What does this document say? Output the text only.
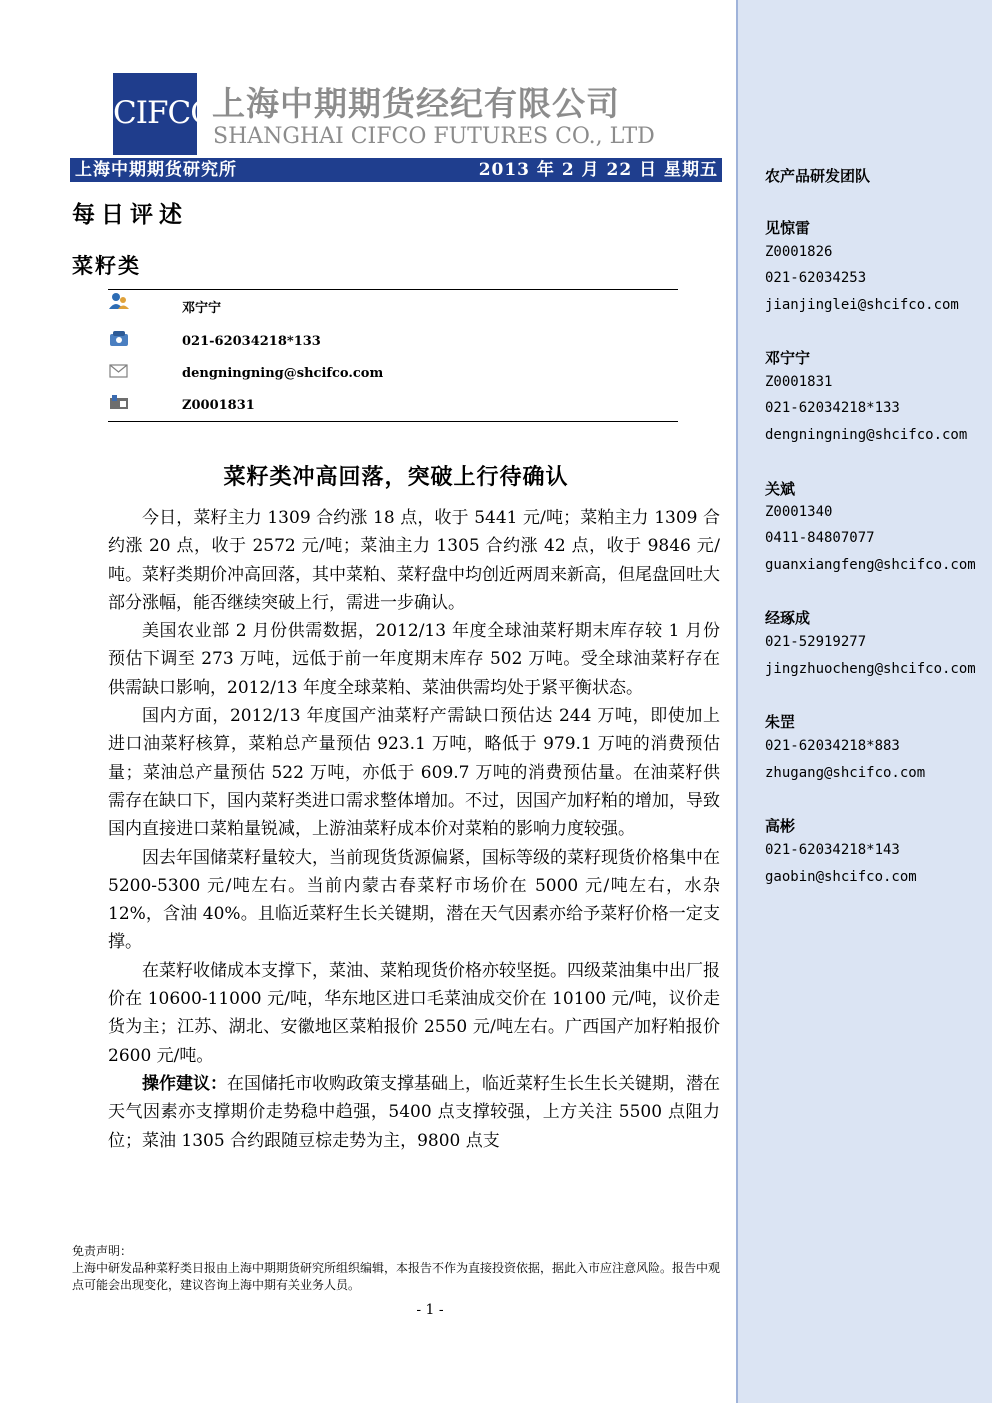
CIFCO
上海中期期货经纪有限公司
SHANGHAI CIFCO FUTURES CO., LTD
上海中期期货研究所	2013 年 2 月 22 日 星期五
每日评述
菜籽类
邓宁宁
021-62034218*133
dengningning@shcifco.com
Z0001831
菜籽类冲高回落，突破上行待确认

今日，菜籽主力 1309 合约涨 18 点，收于 5441 元/吨；菜粕主力 1309 合约涨 20 点，收于 2572 元/吨；菜油主力 1305 合约涨 42 点，收于 9846 元/吨。菜籽类期价冲高回落，其中菜粕、菜籽盘中均创近两周来新高，但尾盘回吐大部分涨幅，能否继续突破上行，需进一步确认。

美国农业部 2 月份供需数据，2012/13 年度全球油菜籽期末库存较 1 月份预估下调至 273 万吨，远低于前一年度期末库存 502 万吨。受全球油菜籽存在供需缺口影响，2012/13 年度全球菜粕、菜油供需均处于紧平衡状态。

国内方面，2012/13 年度国产油菜籽产需缺口预估达 244 万吨，即使加上进口油菜籽核算，菜粕总产量预估 923.1 万吨，略低于 979.1 万吨的消费预估量；菜油总产量预估 522 万吨，亦低于 609.7 万吨的消费预估量。在油菜籽供需存在缺口下，国内菜籽类进口需求整体增加。不过，因国产加籽粕的增加，导致国内直接进口菜粕量锐减，上游油菜籽成本价对菜粕的影响力度较强。

因去年国储菜籽量较大，当前现货货源偏紧，国标等级的菜籽现货价格集中在 5200-5300 元/吨左右。当前内蒙古春菜籽市场价在 5000 元/吨左右，水杂 12%，含油 40%。且临近菜籽生长关键期，潜在天气因素亦给予菜籽价格一定支撑。

在菜籽收储成本支撑下，菜油、菜粕现货价格亦较坚挺。四级菜油集中出厂报价在 10600-11000 元/吨，华东地区进口毛菜油成交价在 10100 元/吨，议价走货为主；江苏、湖北、安徽地区菜粕报价 2550 元/吨左右。广西国产加籽粕报价 2600 元/吨。

操作建议：在国储托市收购政策支撑基础上，临近菜籽生长生长关键期，潜在天气因素亦支撑期价走势稳中趋强，5400 点支撑较强，上方关注 5500 点阻力位；菜油 1305 合约跟随豆棕走势为主，9800 点支

免责声明：
上海中研发品种菜籽类日报由上海中期期货研究所组织编辑，本报告不作为直接投资依据，据此入市应注意风险。报告中观点可能会出现变化，建议咨询上海中期有关业务人员。
- 1 -
农产品研发团队
见惊雷
Z0001826
021-62034253
jianjinglei@shcifco.com
邓宁宁
Z0001831
021-62034218*133
dengningning@shcifco.com
关斌
Z0001340
0411-84807077
guanxiangfeng@shcifco.com
经琢成
021-52919277
jingzhuocheng@shcifco.com
朱罡
021-62034218*883
zhugang@shcifco.com
高彬
021-62034218*143
gaobin@shcifco.com
